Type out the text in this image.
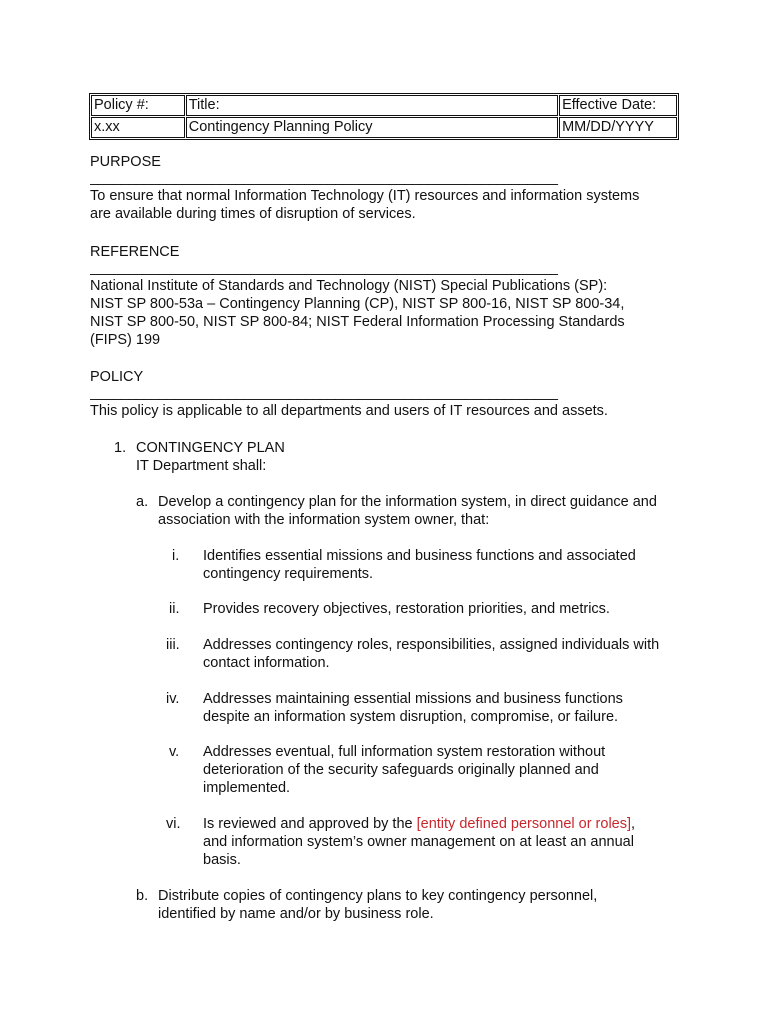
Policy #:	Title:	Effective Date:
x.xx	Contingency Planning Policy	MM/DD/YYYY
PURPOSE
_____________________________________________________________
To ensure that normal Information Technology (IT) resources and information systems
are available during times of disruption of services.
REFERENCE
_____________________________________________________________
National Institute of Standards and Technology (NIST) Special Publications (SP):
NIST SP 800-53a – Contingency Planning (CP), NIST SP 800-16, NIST SP 800-34,
NIST SP 800-50, NIST SP 800-84; NIST Federal Information Processing Standards
(FIPS) 199
POLICY
_____________________________________________________________
This policy is applicable to all departments and users of IT resources and assets.
1. CONTINGENCY PLAN
IT Department shall:
a. Develop a contingency plan for the information system, in direct guidance and
association with the information system owner, that:
i. Identifies essential missions and business functions and associated
contingency requirements.
ii. Provides recovery objectives, restoration priorities, and metrics.
iii. Addresses contingency roles, responsibilities, assigned individuals with
contact information.
iv. Addresses maintaining essential missions and business functions
despite an information system disruption, compromise, or failure.
v. Addresses eventual, full information system restoration without
deterioration of the security safeguards originally planned and
implemented.
vi. Is reviewed and approved by the [entity defined personnel or roles],
and information system’s owner management on at least an annual
basis.
b. Distribute copies of contingency plans to key contingency personnel,
identified by name and/or by business role.
